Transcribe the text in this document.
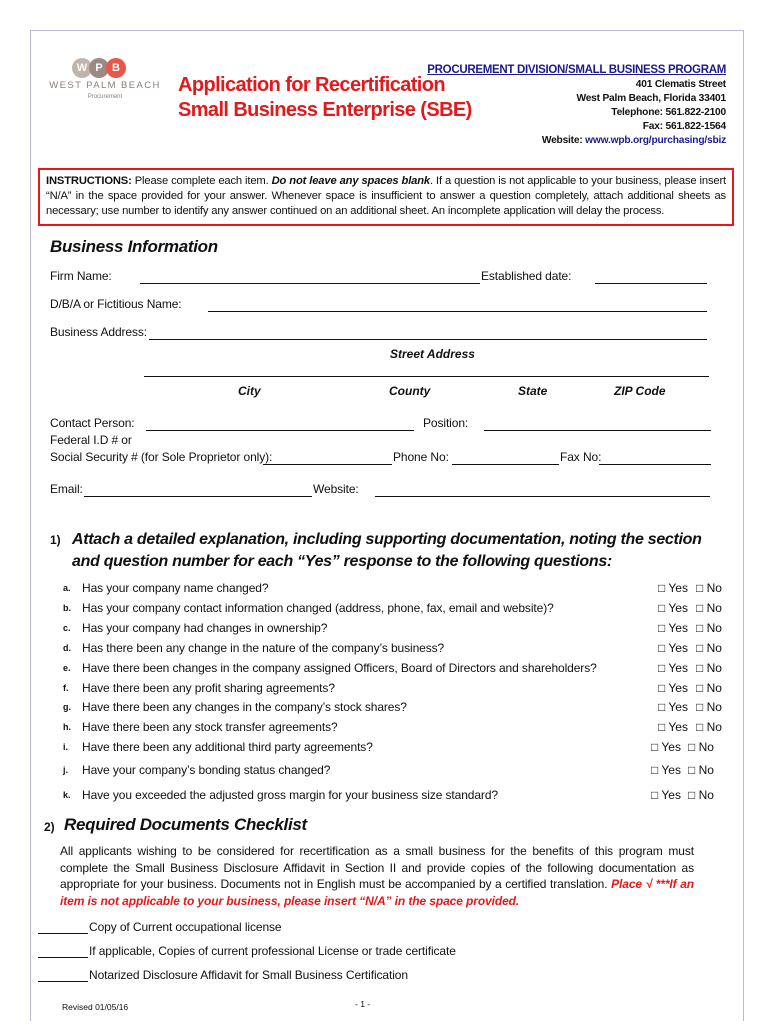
W P B
WEST PALM BEACH
Procurement
Application for Recertification
Small Business Enterprise (SBE)
PROCUREMENT DIVISION/SMALL BUSINESS PROGRAM
401 Clematis Street
West Palm Beach, Florida 33401
Telephone: 561.822-2100
Fax: 561.822-1564
Website: www.wpb.org/purchasing/sbiz
INSTRUCTIONS: Please complete each item. Do not leave any spaces blank. If a question is not applicable to your business, please insert “N/A” in the space provided for your answer. Whenever space is insufficient to answer a question completely, attach additional sheets as necessary; use number to identify any answer continued on an additional sheet. An incomplete application will delay the process.
Business Information
Firm Name:	Established date:
D/B/A or Fictitious Name:
Business Address:
Street Address
City	County	State	ZIP Code
Contact Person:	Position:
Federal I.D # or
Social Security # (for Sole Proprietor only):	Phone No:	Fax No:
Email:	Website:
1) Attach a detailed explanation, including supporting documentation, noting the section and question number for each “Yes” response to the following questions:
a. Has your company name changed?	□ Yes □ No
b. Has your company contact information changed (address, phone, fax, email and website)?	□ Yes □ No
c. Has your company had changes in ownership?	□ Yes □ No
d. Has there been any change in the nature of the company’s business?	□ Yes □ No
e. Have there been changes in the company assigned Officers, Board of Directors and shareholders?	□ Yes □ No
f. Have there been any profit sharing agreements?	□ Yes □ No
g. Have there been any changes in the company’s stock shares?	□ Yes □ No
h. Have there been any stock transfer agreements?	□ Yes □ No
i. Have there been any additional third party agreements?	□ Yes □ No
j. Have your company’s bonding status changed?	□ Yes □ No
k. Have you exceeded the adjusted gross margin for your business size standard?	□ Yes □ No
2) Required Documents Checklist
All applicants wishing to be considered for recertification as a small business for the benefits of this program must complete the Small Business Disclosure Affidavit in Section II and provide copies of the following documentation as appropriate for your business. Documents not in English must be accompanied by a certified translation. Place √ ***If an item is not applicable to your business, please insert “N/A” in the space provided.
Copy of Current occupational license
If applicable, Copies of current professional License or trade certificate
Notarized Disclosure Affidavit for Small Business Certification
Revised 01/05/16	- 1 -
